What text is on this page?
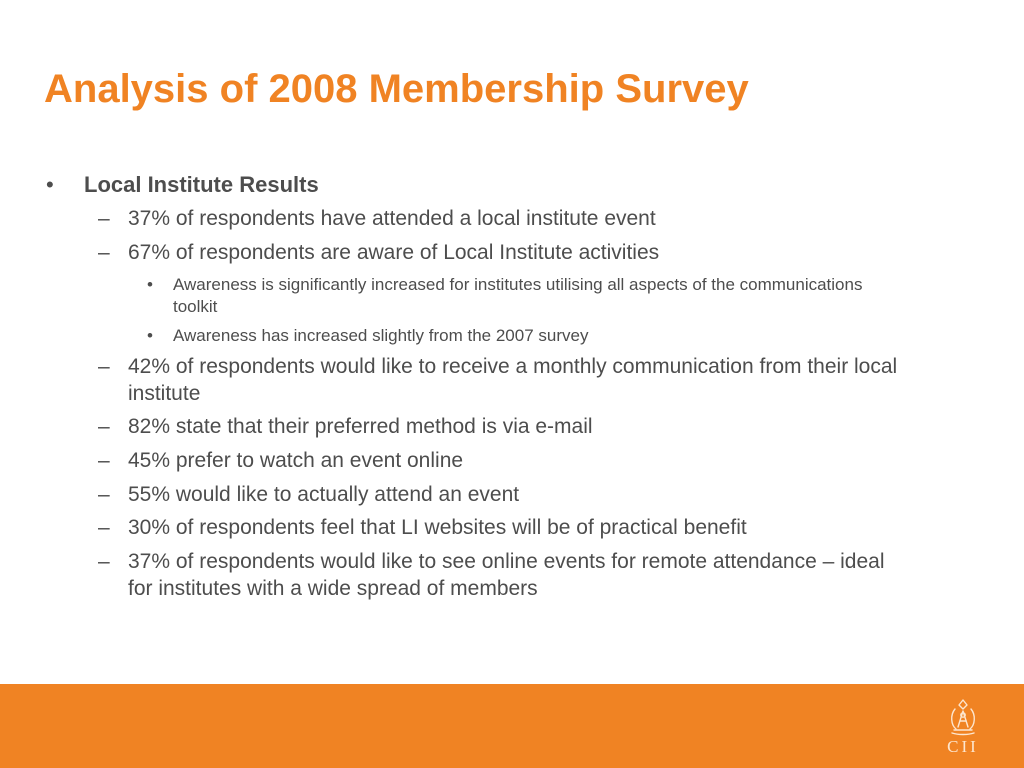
Analysis of 2008 Membership Survey
• Local Institute Results
– 37% of respondents have attended a local institute event
– 67% of respondents are aware of Local Institute activities
• Awareness is significantly increased for institutes utilising all aspects of the communications toolkit
• Awareness has increased slightly from the 2007 survey
– 42% of respondents would like to receive a monthly communication from their local institute
– 82% state that their preferred method is via e-mail
– 45% prefer to watch an event online
– 55% would like to actually attend an event
– 30% of respondents feel that LI websites will be of practical benefit
– 37% of respondents would like to see online events for remote attendance – ideal for institutes with a wide spread of members
CII
